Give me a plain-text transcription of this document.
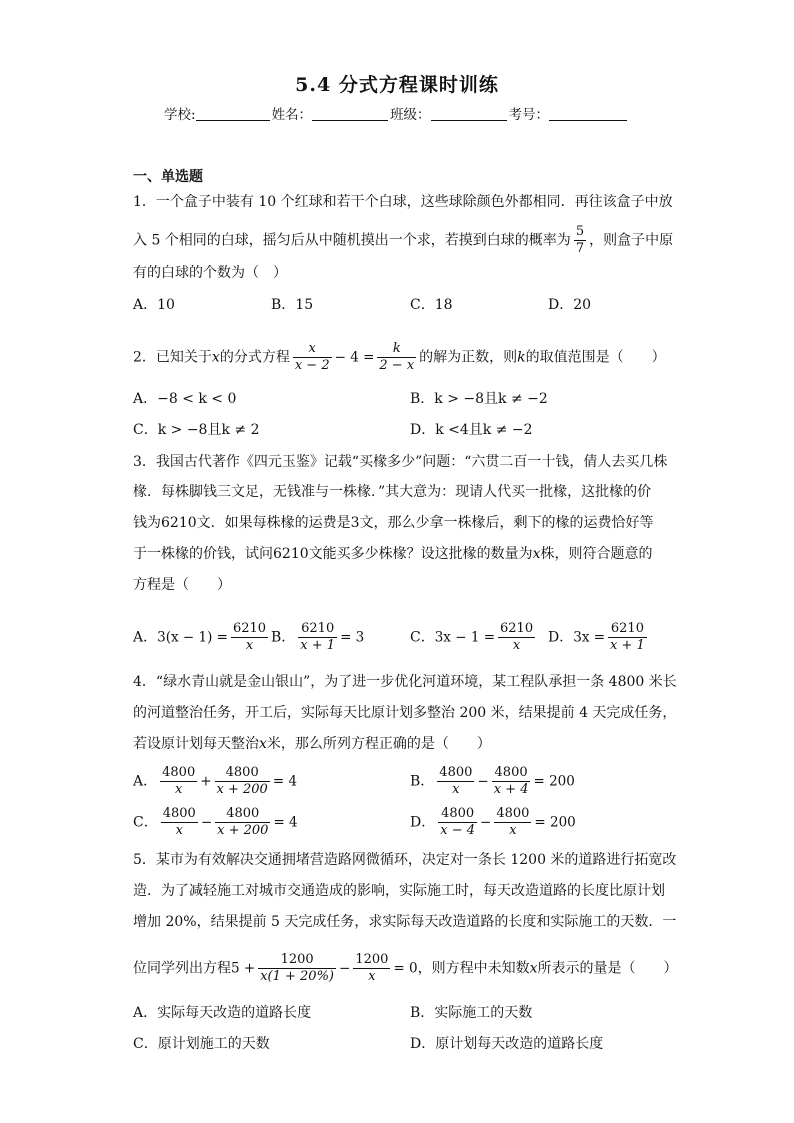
5.4 分式方程课时训练
学校:	姓名：	班级：	考号：
一、单选题
1．一个盒子中装有 10 个红球和若干个白球，这些球除颜色外都相同．再往该盒子中放
入 5 个相同的白球，摇匀后从中随机摸出一个求，若摸到白球的概率为 $\frac{5}{7}$ ，则盒子中原
有的白球的个数为（　）
A．10	B．15	C．18	D．20
2．已知关于x的分式方程 $\frac{x}{x - 2} - 4 = \frac{k}{2 - x}$ 的解为正数，则k的取值范围是（　　）
A．−8 < k < 0	B．k > −8且k ≠ −2
C．k > −8且k ≠ 2	D．k <4且k ≠ −2
3．我国古代著作《四元玉鉴》记载“买椽多少”问题：“六贯二百一十钱，倩人去买几株
椽．每株脚钱三文足，无钱准与一株椽．”其大意为：现请人代买一批椽，这批椽的价
钱为6210文．如果每株椽的运费是3文，那么少拿一株椽后，剩下的椽的运费恰好等
于一株椽的价钱，试问6210文能买多少株椽？设这批椽的数量为x株，则符合题意的
方程是（　　）
A．$3(x - 1) = \frac{6210}{x}$ B． $\frac{6210}{x + 1} = 3$	C．$3x - 1 = \frac{6210}{x}$ D．$3x = \frac{6210}{x + 1}$
4．“绿水青山就是金山银山”，为了进一步优化河道环境，某工程队承担一条 4800 米长
的河道整治任务，开工后，实际每天比原计划多整治 200 米，结果提前 4 天完成任务，
若设原计划每天整治x米，那么所列方程正确的是（　　）
A． $\frac{4800}{x} + \frac{4800}{x + 200} = 4$	B． $\frac{4800}{x} - \frac{4800}{x + 4} = 200$
C． $\frac{4800}{x} - \frac{4800}{x + 200} = 4$	D． $\frac{4800}{x - 4} - \frac{4800}{x} = 200$
5．某市为有效解决交通拥堵营造路网微循环，决定对一条长 1200 米的道路进行拓宽改
造．为了减轻施工对城市交通造成的影响，实际施工时，每天改造道路的长度比原计划
增加 20%，结果提前 5 天完成任务，求实际每天改造道路的长度和实际施工的天数．一
位同学列出方程$5 + \frac{1200}{x(1 + 20\%)} - \frac{1200}{x} = 0$，则方程中未知数x所表示的量是（　　）
A．实际每天改造的道路长度	B．实际施工的天数
C．原计划施工的天数	D．原计划每天改造的道路长度
